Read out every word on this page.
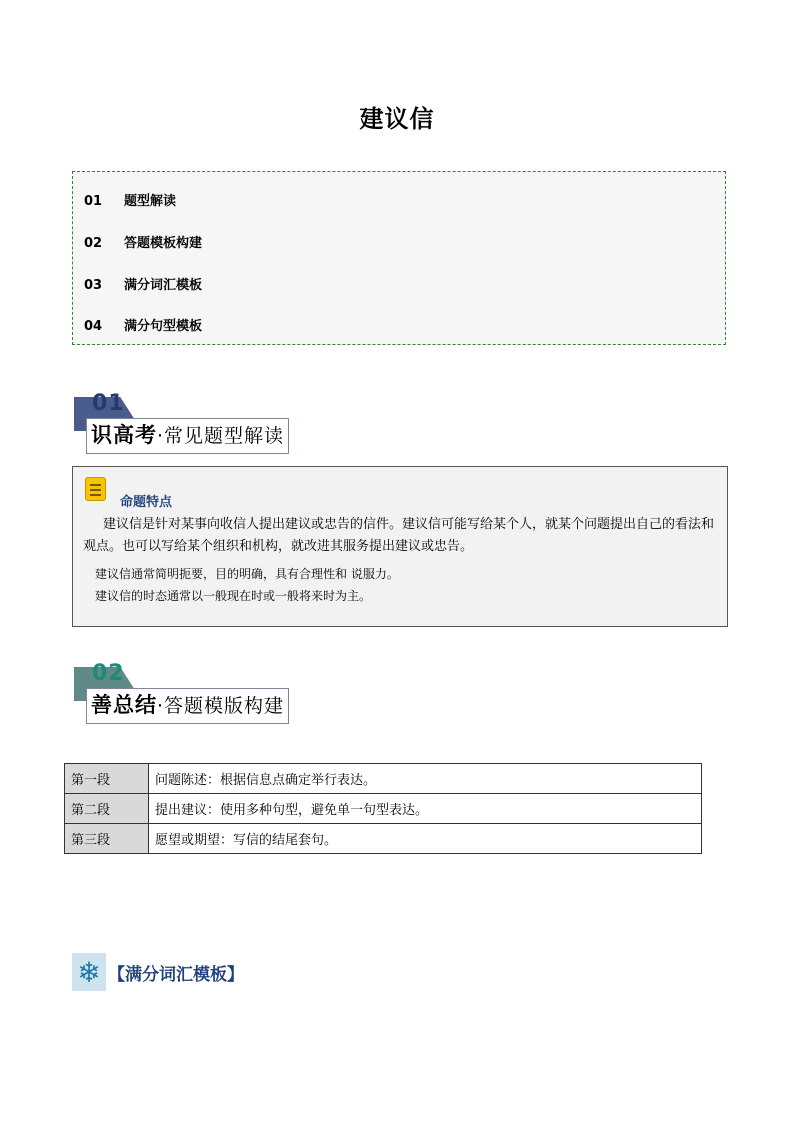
建议信
01 题型解读
02 答题模板构建
03 满分词汇模板
04 满分句型模板
01
识高考·常见题型解读
命题特点

建议信是针对某事向收信人提出建议或忠告的信件。建议信可能写给某个人，就某个问题提出自己的看法和观点。也可以写给某个组织和机构，就改进其服务提出建议或忠告。

建议信通常简明扼要，目的明确，具有合理性和 说服力。
建议信的时态通常以一般现在时或一般将来时为主。
02
善总结·答题模版构建
第一段	问题陈述：根据信息点确定举行表达。
第二段	提出建议：使用多种句型，避免单一句型表达。
第三段	愿望或期望：写信的结尾套句。
❄ 【满分词汇模板】
